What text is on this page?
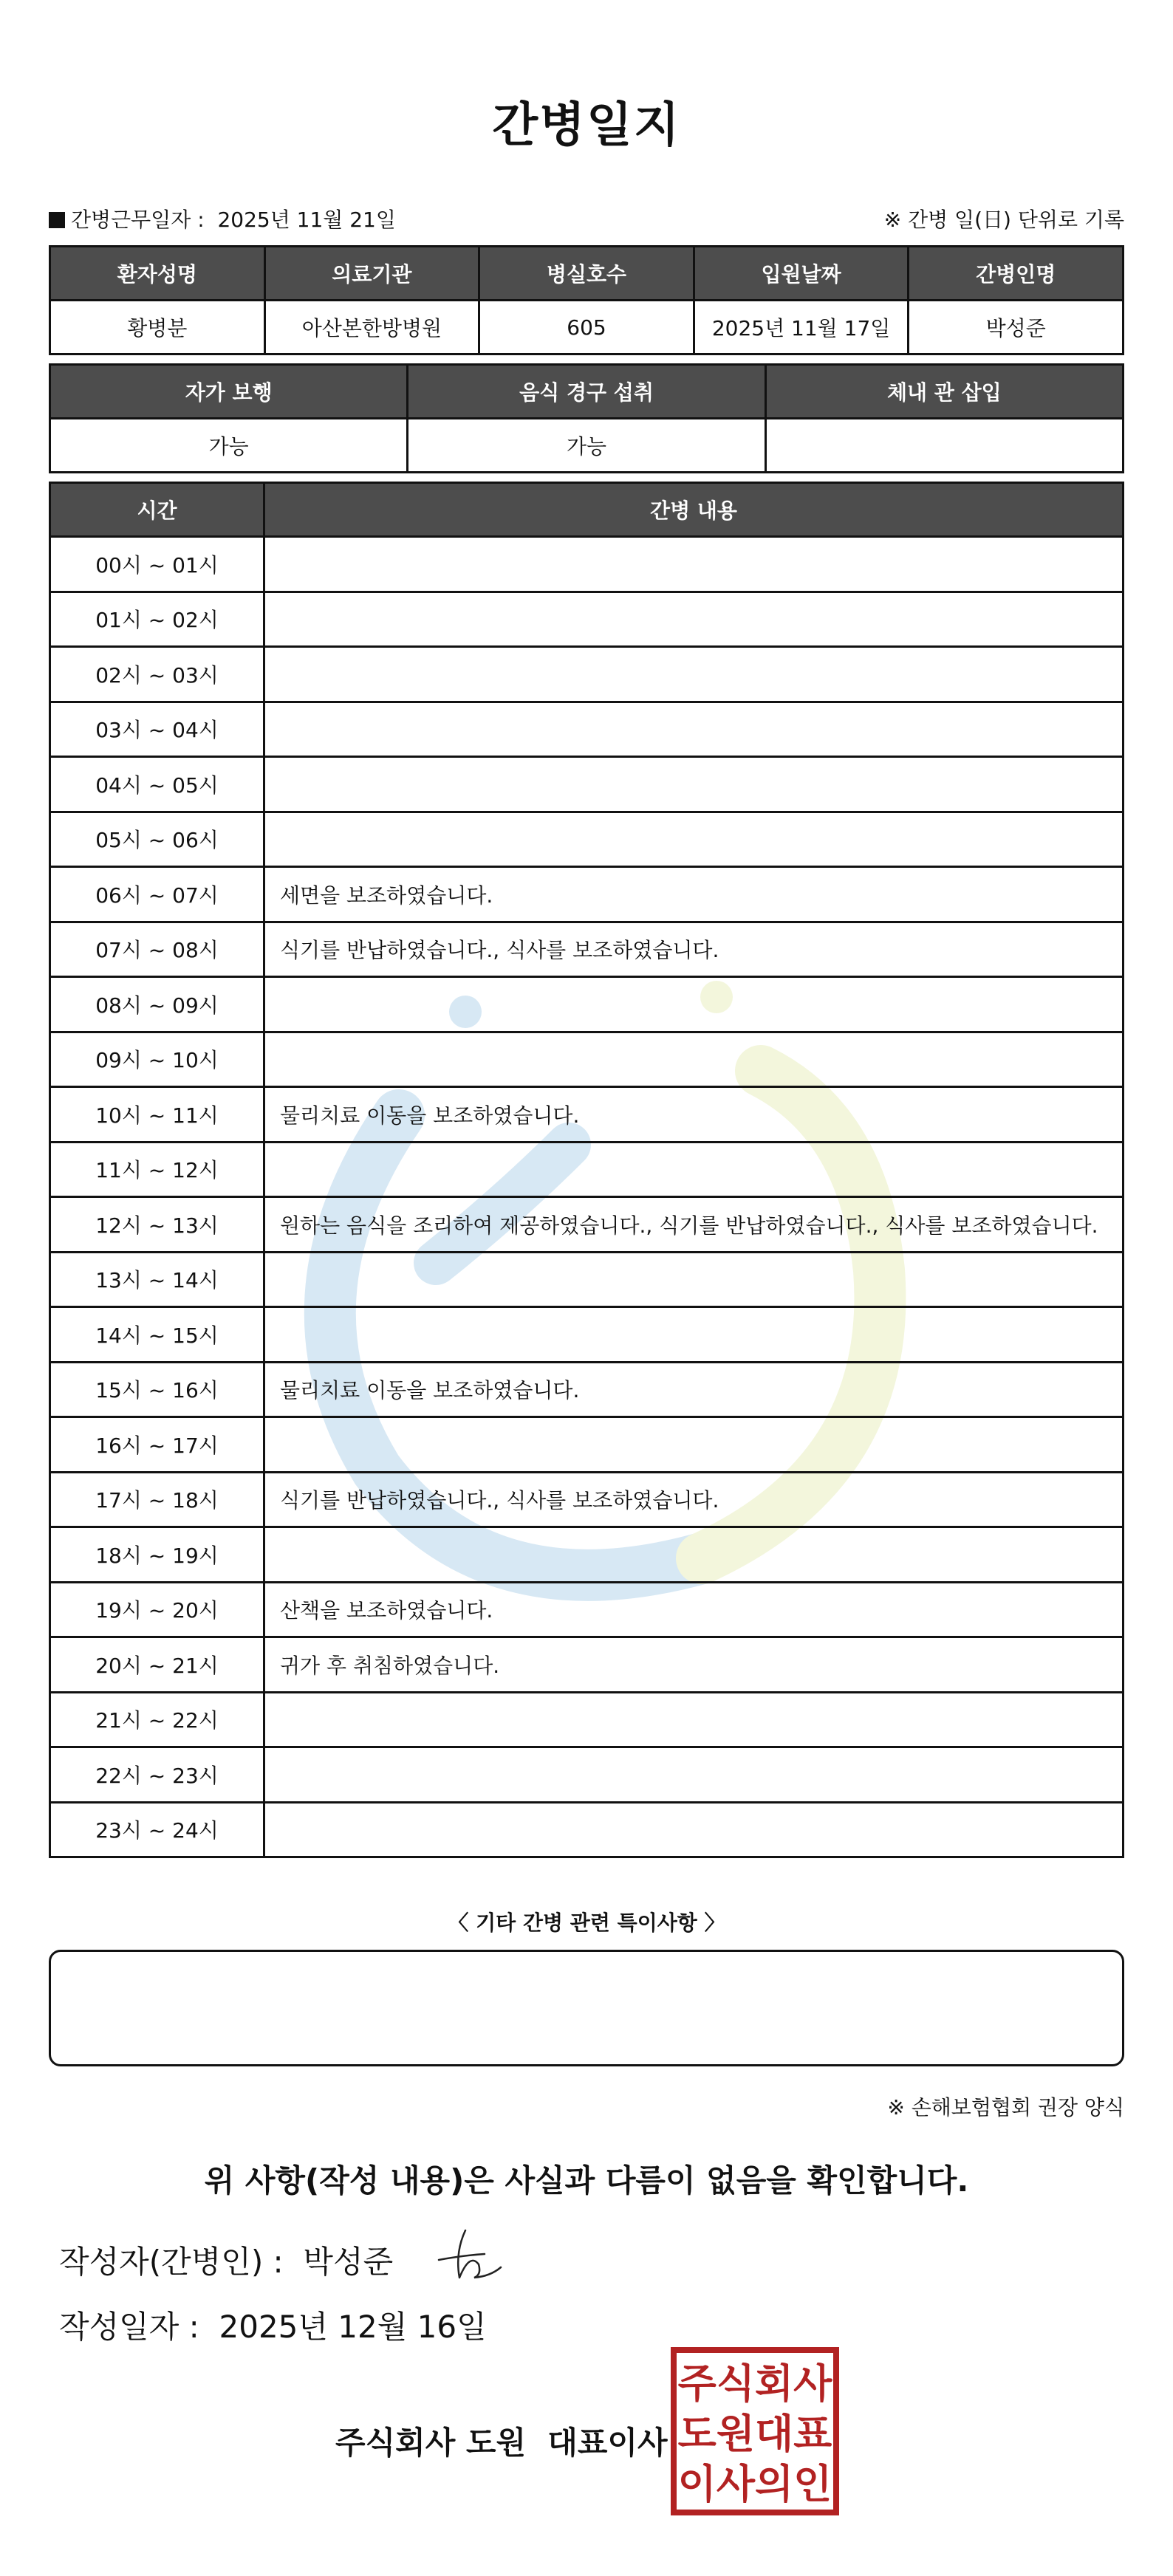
간병일지
간병근무일자 : 2025년 11월 21일	※ 간병 일(日) 단위로 기록
환자성명	의료기관	병실호수	입원날짜	간병인명
황병분	아산본한방병원	605	2025년 11월 17일	박성준
자가 보행	음식 경구 섭취	체내 관 삽입
가능	가능	
시간	간병 내용
00시 ~ 01시	
01시 ~ 02시	
02시 ~ 03시	
03시 ~ 04시	
04시 ~ 05시	
05시 ~ 06시	
06시 ~ 07시	세면을 보조하였습니다.
07시 ~ 08시	식기를 반납하였습니다., 식사를 보조하였습니다.
08시 ~ 09시	
09시 ~ 10시	
10시 ~ 11시	물리치료 이동을 보조하였습니다.
11시 ~ 12시	
12시 ~ 13시	원하는 음식을 조리하여 제공하였습니다., 식기를 반납하였습니다., 식사를 보조하였습니다.
13시 ~ 14시	
14시 ~ 15시	
15시 ~ 16시	물리치료 이동을 보조하였습니다.
16시 ~ 17시	
17시 ~ 18시	식기를 반납하였습니다., 식사를 보조하였습니다.
18시 ~ 19시	
19시 ~ 20시	산책을 보조하였습니다.
20시 ~ 21시	귀가 후 취침하였습니다.
21시 ~ 22시	
22시 ~ 23시	
23시 ~ 24시	
〈 기타 간병 관련 특이사항 〉
※ 손해보험협회 권장 양식
위 사항(작성 내용)은 사실과 다름이 없음을 확인합니다.
작성자(간병인) : 박성준
작성일자 : 2025년 12월 16일
주식회사 도원  대표이사
주식회사
도원대표
이사의인
